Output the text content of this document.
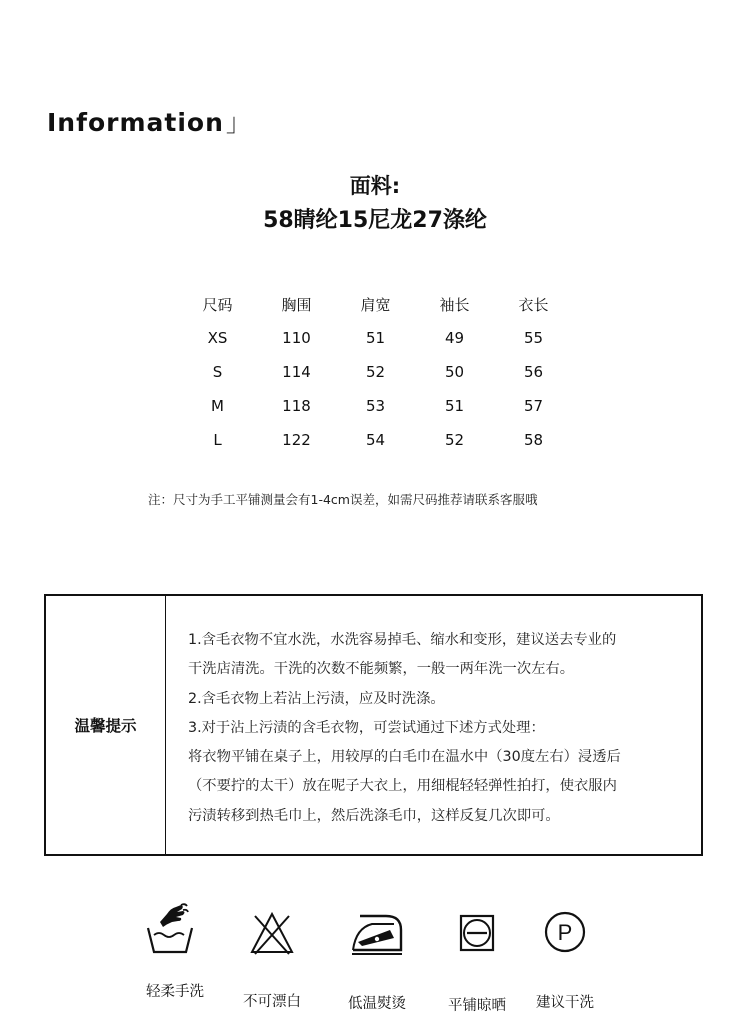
Information」
面料:
58睛纶15尼龙27涤纶
尺码	胸围	肩宽	袖长	衣长
XS	110	51	49	55
S	114	52	50	56
M	118	53	51	57
L	122	54	52	58
注：尺寸为手工平铺测量会有1-4cm误差，如需尺码推荐请联系客服哦
温馨提示
1.含毛衣物不宜水洗，水洗容易掉毛、缩水和变形，建议送去专业的
干洗店清洗。干洗的次数不能频繁，一般一两年洗一次左右。
2.含毛衣物上若沾上污渍，应及时洗涤。
3.对于沾上污渍的含毛衣物，可尝试通过下述方式处理：
将衣物平铺在桌子上，用较厚的白毛巾在温水中（30度左右）浸透后
（不要拧的太干）放在呢子大衣上，用细棍轻轻弹性拍打，使衣服内
污渍转移到热毛巾上，然后洗涤毛巾，这样反复几次即可。
轻柔手洗
不可漂白	低温熨烫	平铺晾晒
P
建议干洗
